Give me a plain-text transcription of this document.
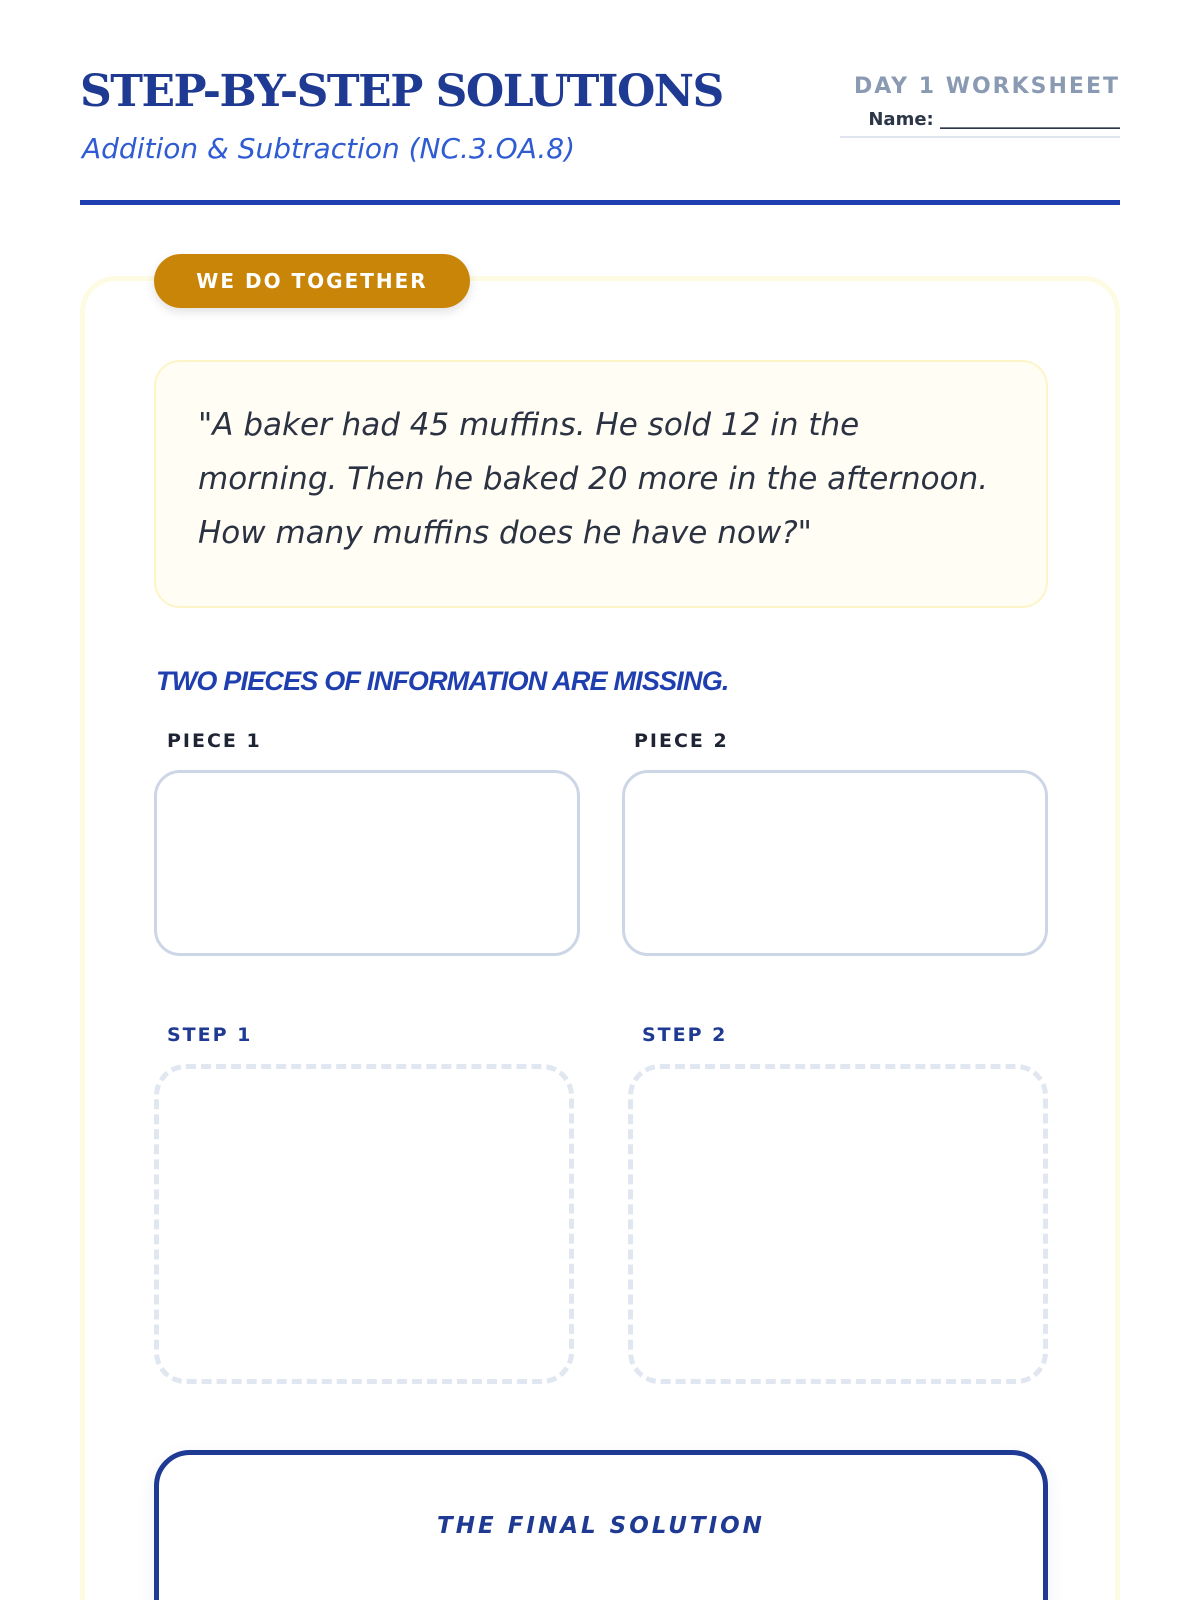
STEP-BY-STEP SOLUTIONS
Addition & Subtraction (NC.3.OA.8)
DAY 1 WORKSHEET
Name: ____________________
WE DO TOGETHER
"A baker had 45 muffins. He sold 12 in the morning. Then he baked 20 more in the afternoon. How many muffins does he have now?"
TWO PIECES OF INFORMATION ARE MISSING.
PIECE 1	PIECE 2
STEP 1	STEP 2
THE FINAL SOLUTION
